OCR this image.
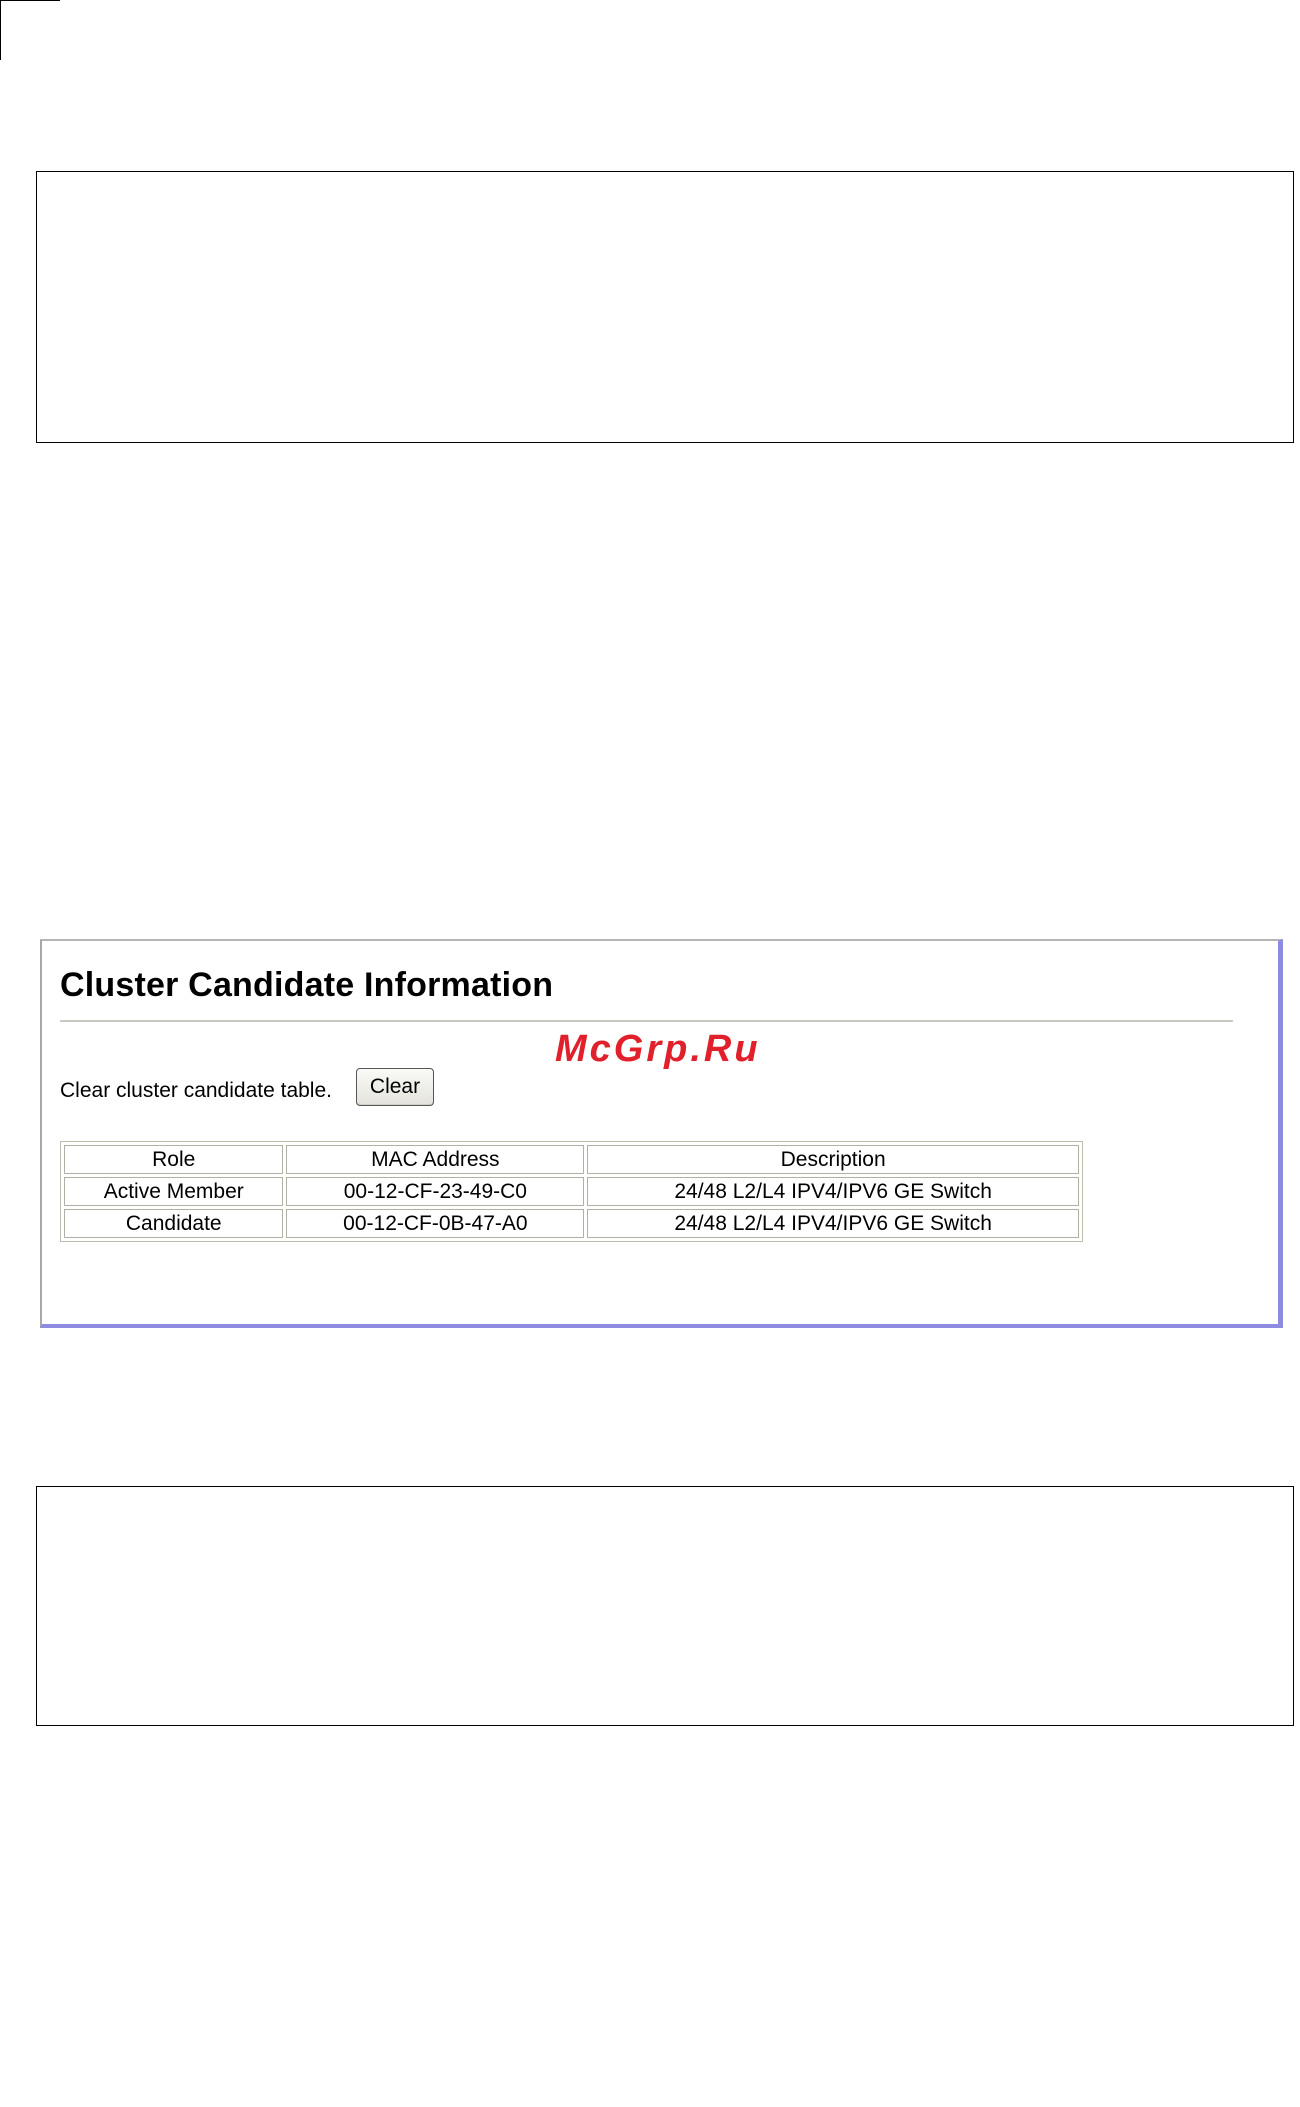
Cluster Candidate Information
McGrp.Ru
Clear cluster candidate table.	Clear
Role	MAC Address	Description
Active Member	00-12-CF-23-49-C0	24/48 L2/L4 IPV4/IPV6 GE Switch
Candidate	00-12-CF-0B-47-A0	24/48 L2/L4 IPV4/IPV6 GE Switch
